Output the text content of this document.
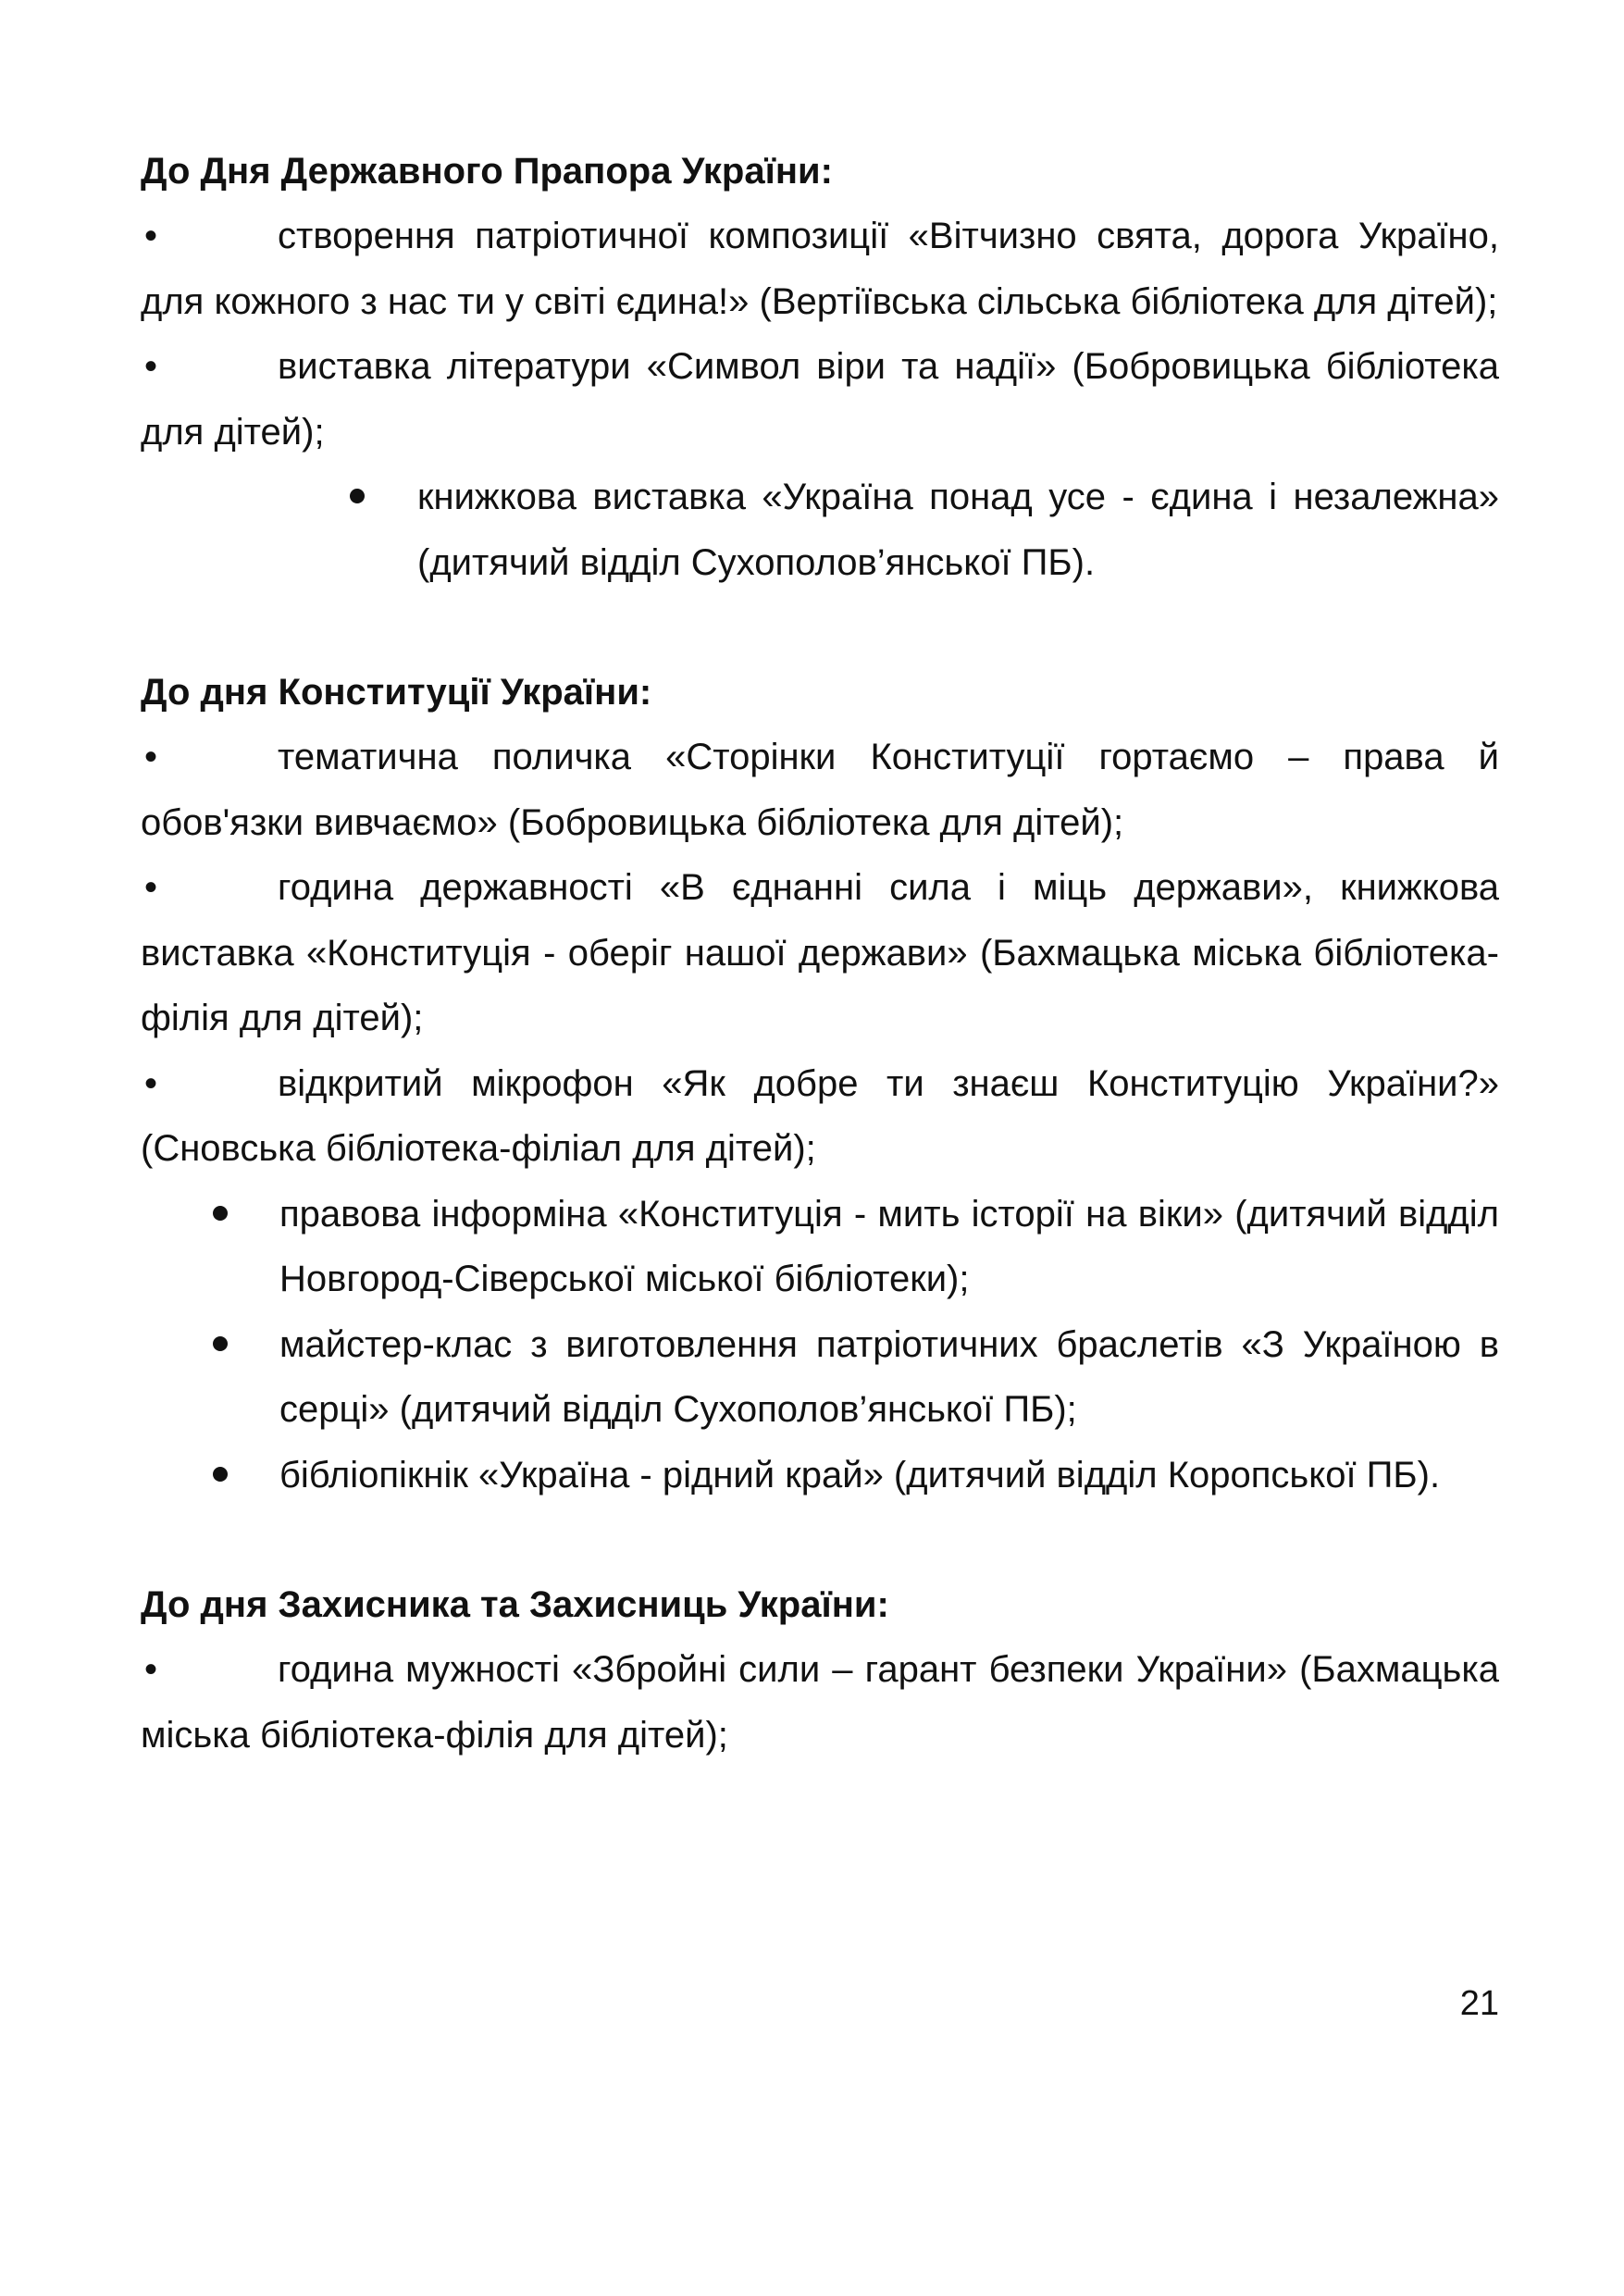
До Дня Державного Прапора України:

•	створення патріотичної композиції «Вітчизно свята, дорога Україно, для кожного з нас ти у світі єдина!» (Вертіївська сільська бібліотека для дітей);

•	виставка літератури «Символ віри та надії» (Бобровицька бібліотека для дітей);

книжкова виставка «Україна понад усе - єдина і незалежна» (дитячий відділ Сухополов’янської ПБ).

До дня Конституції України:

•	тематична поличка «Сторінки Конституції гортаємо – права й обов'язки вивчаємо» (Бобровицька бібліотека для дітей);

•	година державності «В єднанні сила і міць держави», книжкова виставка «Конституція - оберіг нашої держави» (Бахмацька міська бібліотека-філія для дітей);

•	відкритий мікрофон «Як добре ти знаєш Конституцію України?» (Сновська бібліотека-філіал для дітей);

правова інформіна «Конституція - мить історії на віки» (дитячий відділ Новгород-Сіверської міської бібліотеки);

майстер-клас з виготовлення патріотичних браслетів «З Україною в серці» (дитячий відділ Сухополов’янської ПБ);

бібліопікнік «Україна - рідний край» (дитячий відділ Коропської ПБ).

До дня Захисника та Захисниць України:

•	година мужності «Збройні сили – гарант безпеки України» (Бахмацька міська бібліотека-філія для дітей);

21
